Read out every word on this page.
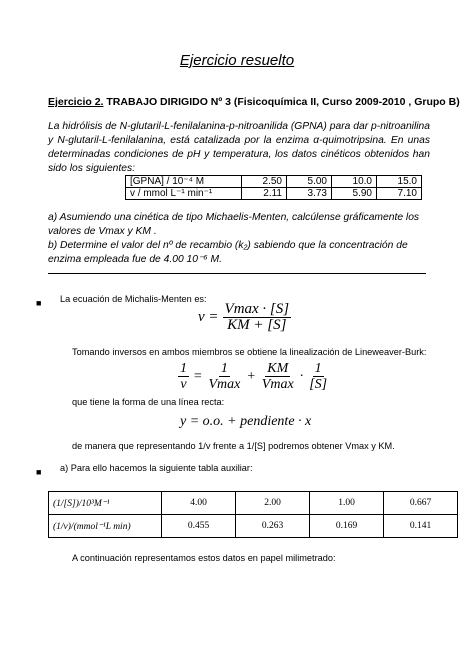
Ejercicio resuelto
Ejercicio 2. TRABAJO DIRIGIDO Nº 3 (Fisicoquímica II, Curso 2009-2010 , Grupo B)
La hidrólisis de N-glutaril-L-fenilalanina-p-nitroanilida (GPNA) para dar p-nitroanilina y N-glutaril-L-fenilalanina, está catalizada por la enzima α-quimotripsina. En unas determinadas condiciones de pH y temperatura, los datos cinéticos obtenidos han sido los siguientes:
[GPNA] / 10⁻⁴ M	2.50	5.00	10.0	15.0
v / mmol L⁻¹ min⁻¹	2.11	3.73	5.90	7.10
a) Asumiendo una cinética de tipo Michaelis-Menten, calcúlense gráficamente los valores de Vmax y KM .
b) Determine el valor del nº de recambio (k₂) sabiendo que la concentración de enzima empleada fue de 4.00 10⁻⁶ M.
■ La ecuación de Michalis-Menten es:
$v = \frac{Vmax \cdot [S]}{KM + [S]}$
Tomando inversos en ambos miembros se obtiene la linealización de Lineweaver-Burk:
$\frac{1}{v} = \frac{1}{Vmax} + \frac{KM}{Vmax} \cdot \frac{1}{[S]}$
que tiene la forma de una línea recta:
y = o.o. + pendiente · x
de manera que representando 1/v frente a 1/[S] podremos obtener Vmax y KM.
■ a) Para ello hacemos la siguiente tabla auxiliar:
(1/[S])/10³M⁻¹	4.00	2.00	1.00	0.667
(1/v)/(mmol⁻¹L min)	0.455	0.263	0.169	0.141
A continuación representamos estos datos en papel milimetrado:
